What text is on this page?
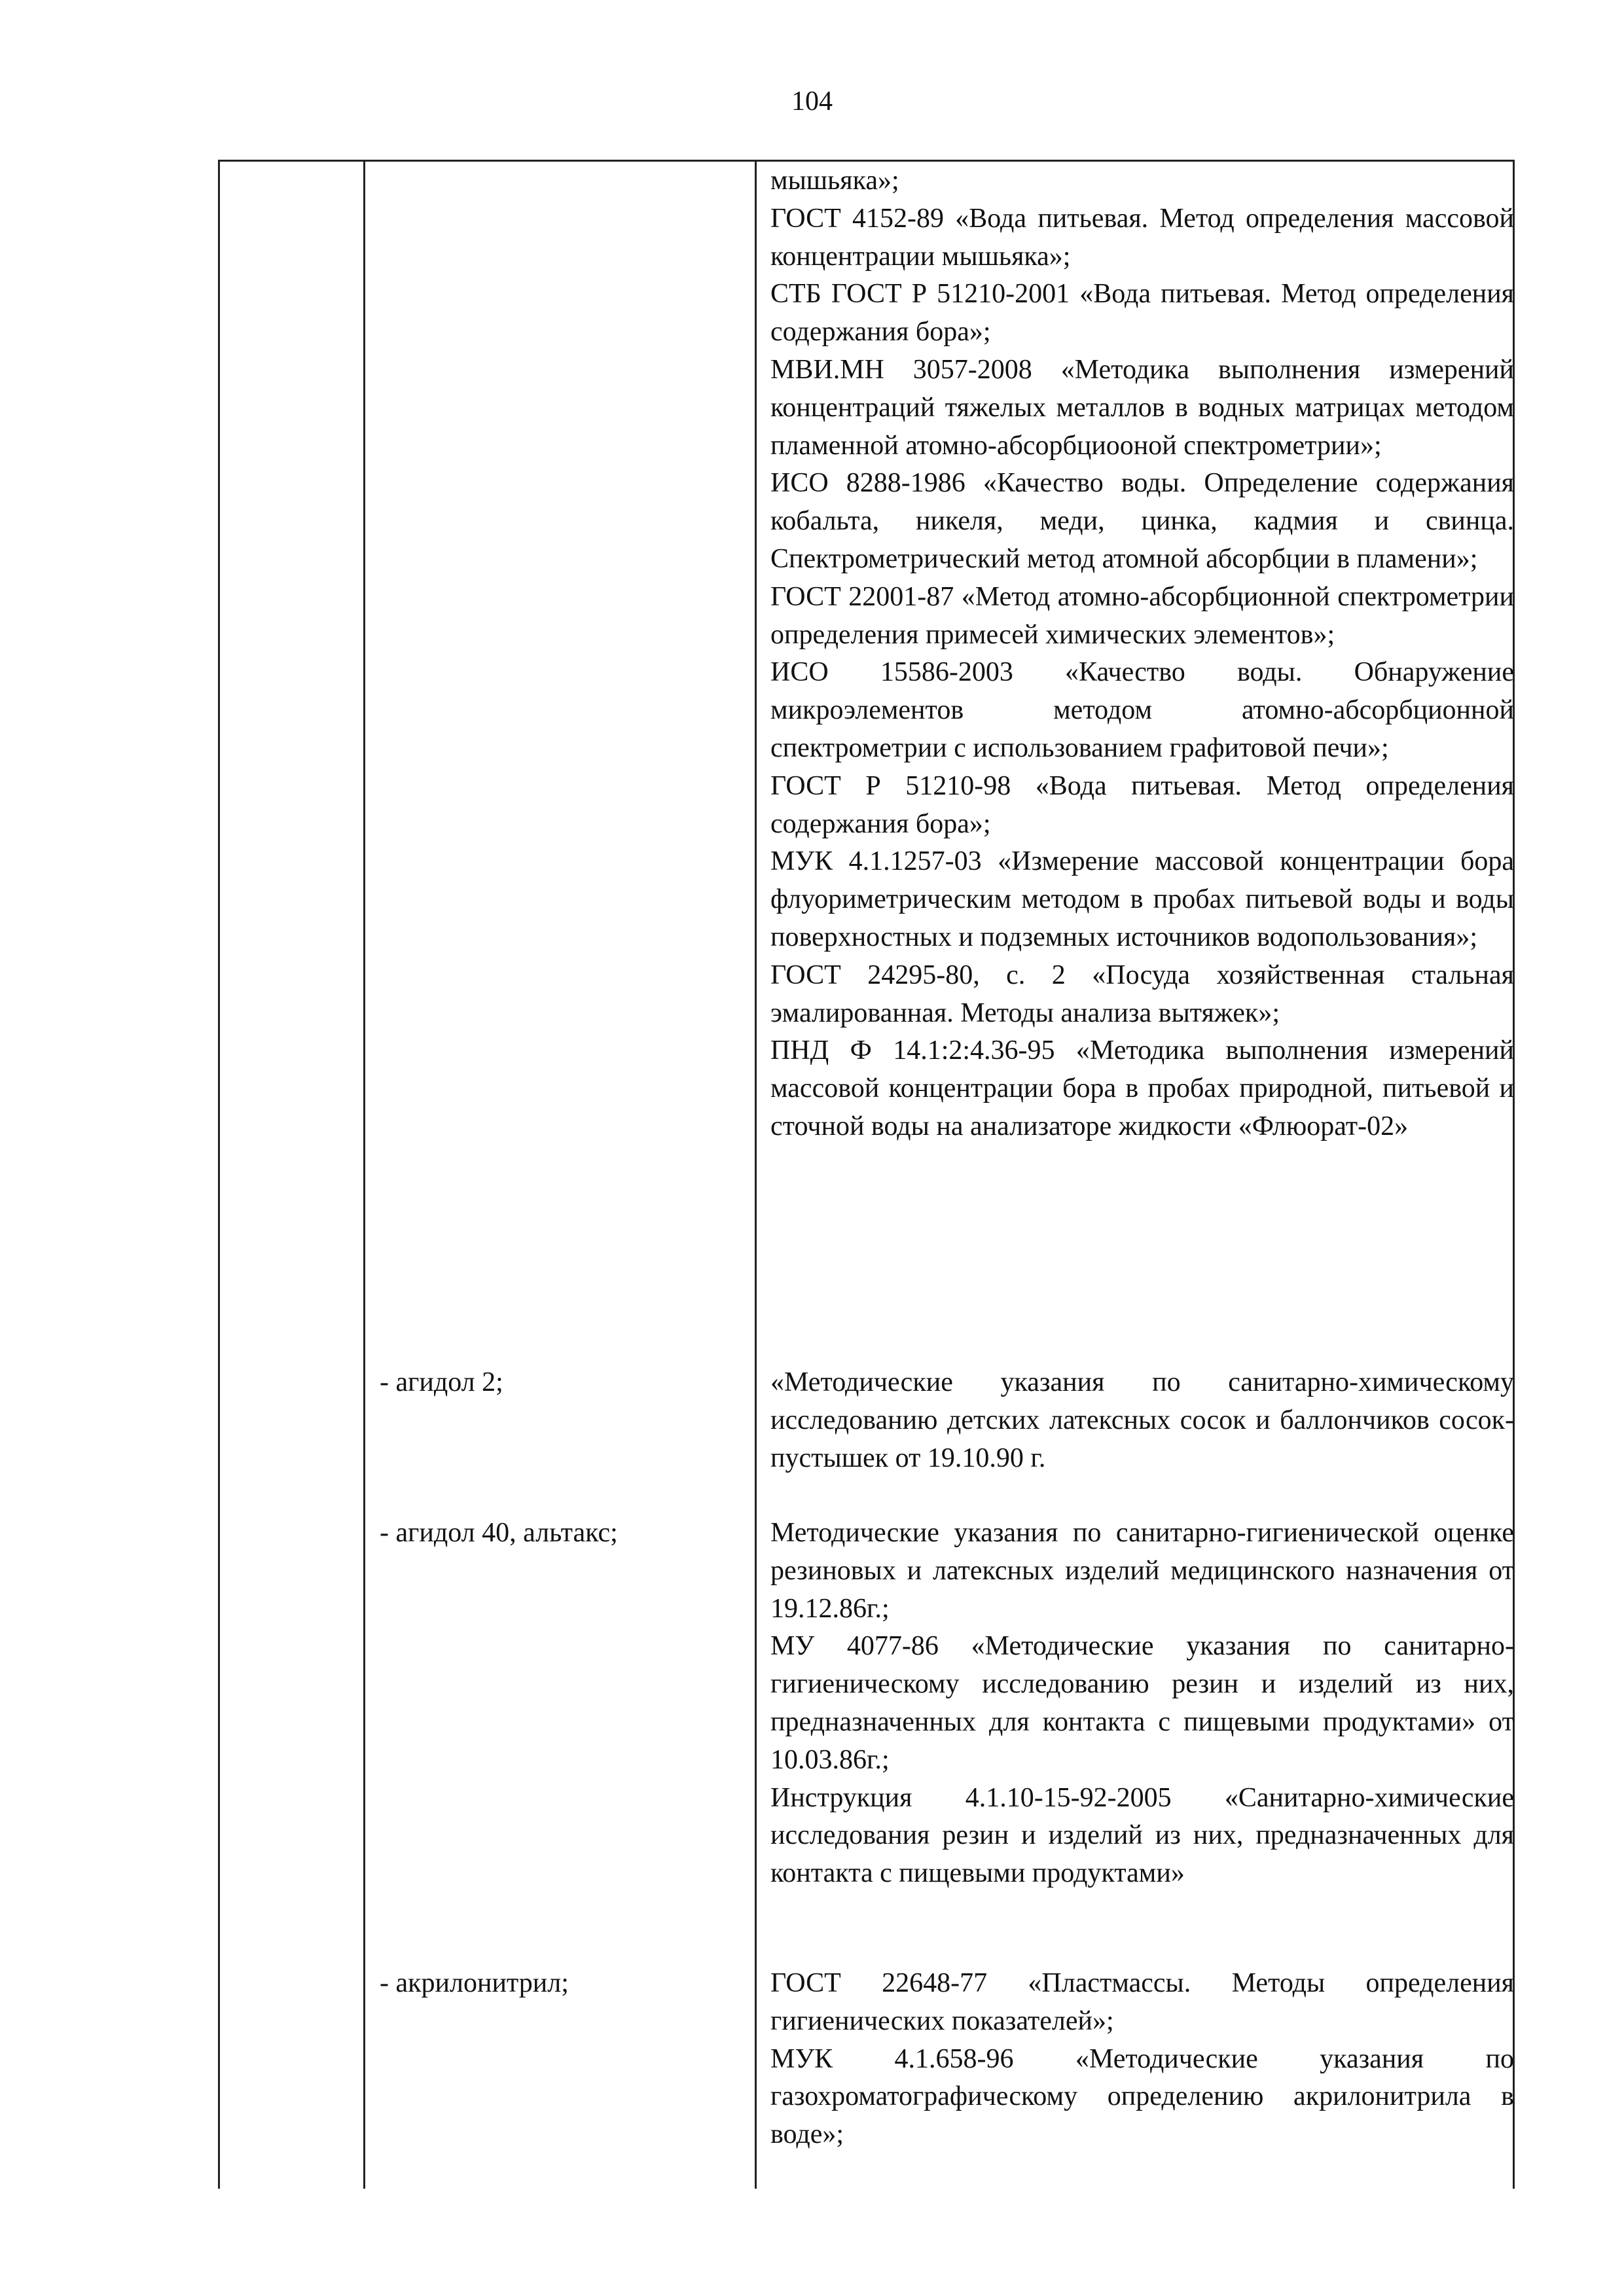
104
мышьяка»;
ГОСТ 4152-89 «Вода питьевая. Метод определения массовой концентрации мышьяка»;
СТБ ГОСТ Р 51210-2001 «Вода питьевая. Метод определения содержания бора»;
МВИ.МН 3057-2008 «Методика выполнения измерений концентраций тяжелых металлов в водных матрицах методом пламенной атомно-абсорбциооной спектрометрии»;
ИСО 8288-1986 «Качество воды. Определение содержания кобальта, никеля, меди, цинка, кадмия и свинца. Спектрометрический метод атомной абсорбции в пламени»;
ГОСТ 22001-87 «Метод атомно-абсорбционной спектрометрии определения примесей химических элементов»;
ИСО 15586-2003 «Качество воды. Обнаружение микроэлементов методом атомно-абсорбционной спектрометрии с использованием графитовой печи»;
ГОСТ Р 51210-98 «Вода питьевая. Метод определения содержания бора»;
МУК 4.1.1257-03 «Измерение массовой концентрации бора флуориметрическим методом в пробах питьевой воды и воды поверхностных и подземных источников водопользования»;
ГОСТ 24295-80, с. 2 «Посуда хозяйственная стальная эмалированная. Методы анализа вытяжек»;
ПНД Ф 14.1:2:4.36-95 «Методика выполнения измерений массовой концентрации бора в пробах природной, питьевой и сточной воды на анализаторе жидкости «Флюорат-02»
- агидол 2;	«Методические указания по санитарно-химическому исследованию детских латексных сосок и баллончиков сосок-пустышек от 19.10.90 г.
- агидол 40, альтакс;	Методические указания по санитарно-гигиенической оценке резиновых и латексных изделий медицинского назначения от 19.12.86г.;
МУ 4077-86 «Методические указания по санитарно-гигиеническому исследованию резин и изделий из них, предназначенных для контакта с пищевыми продуктами» от 10.03.86г.;
Инструкция 4.1.10-15-92-2005 «Санитарно-химические исследования резин и изделий из них, предназначенных для контакта с пищевыми продуктами»
- акрилонитрил;	ГОСТ 22648-77 «Пластмассы. Методы определения гигиенических показателей»;
МУК 4.1.658-96 «Методические указания по газохроматографическому определению акрилонитрила в воде»;
